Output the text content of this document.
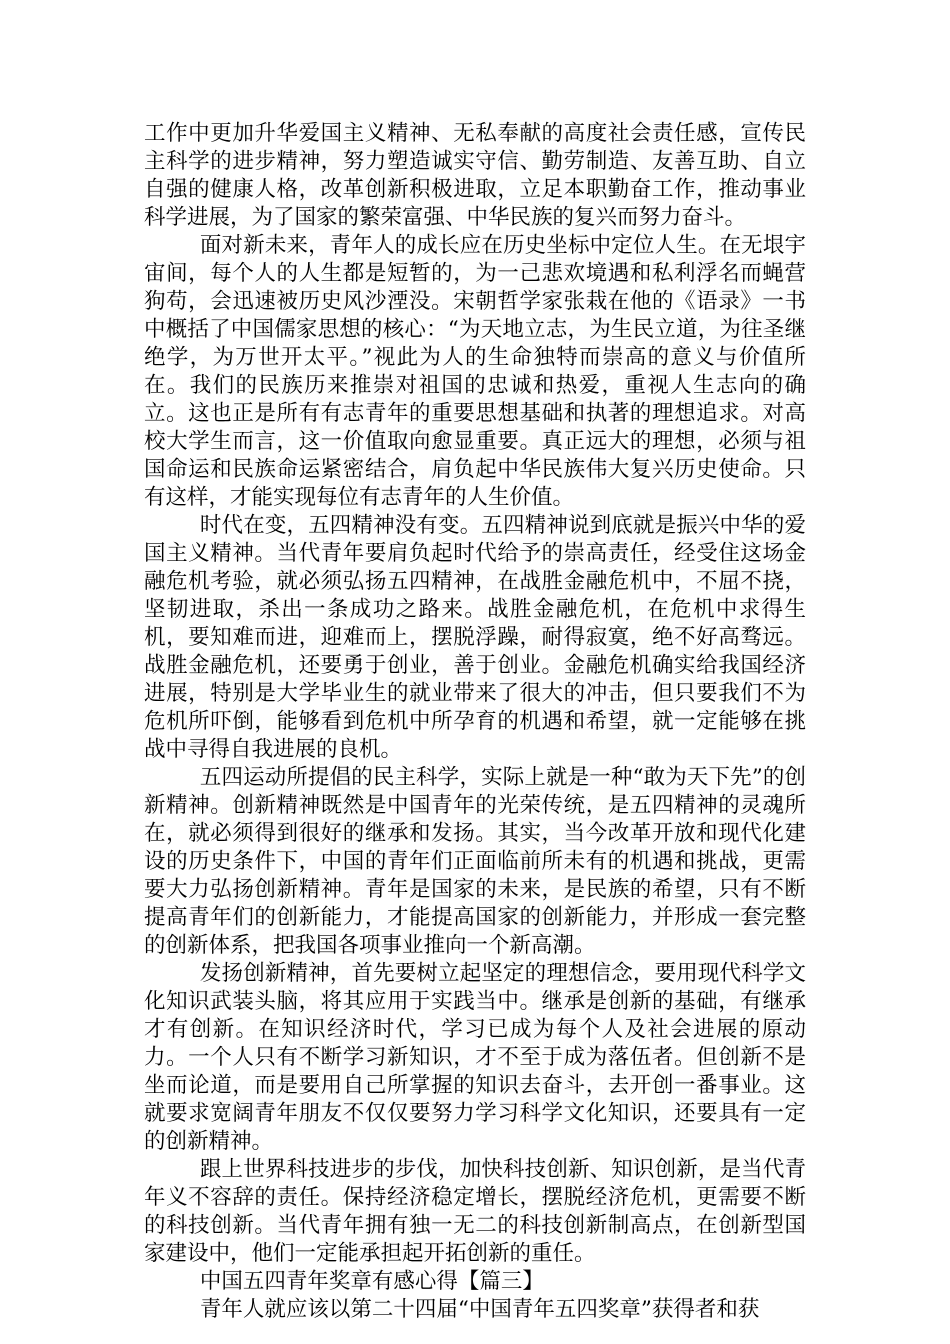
工作中更加升华爱国主义精神、无私奉献的高度社会责任感，宣传民主科学的进步精神，努力塑造诚实守信、勤劳制造、友善互助、自立自强的健康人格，改革创新积极进取，立足本职勤奋工作，推动事业科学进展，为了国家的繁荣富强、中华民族的复兴而努力奋斗。

面对新未来，青年人的成长应在历史坐标中定位人生。在无垠宇宙间，每个人的人生都是短暂的，为一己悲欢境遇和私利浮名而蝇营狗苟，会迅速被历史风沙湮没。宋朝哲学家张栽在他的《语录》一书中概括了中国儒家思想的核心：“为天地立志，为生民立道，为往圣继绝学，为万世开太平。”视此为人的生命独特而崇高的意义与价值所在。我们的民族历来推崇对祖国的忠诚和热爱，重视人生志向的确立。这也正是所有有志青年的重要思想基础和执著的理想追求。对高校大学生而言，这一价值取向愈显重要。真正远大的理想，必须与祖国命运和民族命运紧密结合，肩负起中华民族伟大复兴历史使命。只有这样，才能实现每位有志青年的人生价值。

时代在变，五四精神没有变。五四精神说到底就是振兴中华的爱国主义精神。当代青年要肩负起时代给予的崇高责任，经受住这场金融危机考验，就必须弘扬五四精神，在战胜金融危机中，不屈不挠，坚韧进取，杀出一条成功之路来。战胜金融危机，在危机中求得生机，要知难而进，迎难而上，摆脱浮躁，耐得寂寞，绝不好高骛远。战胜金融危机，还要勇于创业，善于创业。金融危机确实给我国经济进展，特别是大学毕业生的就业带来了很大的冲击，但只要我们不为危机所吓倒，能够看到危机中所孕育的机遇和希望，就一定能够在挑战中寻得自我进展的良机。

五四运动所提倡的民主科学，实际上就是一种“敢为天下先”的创新精神。创新精神既然是中国青年的光荣传统，是五四精神的灵魂所在，就必须得到很好的继承和发扬。其实，当今改革开放和现代化建设的历史条件下，中国的青年们正面临前所未有的机遇和挑战，更需要大力弘扬创新精神。青年是国家的未来，是民族的希望，只有不断提高青年们的创新能力，才能提高国家的创新能力，并形成一套完整的创新体系，把我国各项事业推向一个新高潮。

发扬创新精神，首先要树立起坚定的理想信念，要用现代科学文化知识武装头脑，将其应用于实践当中。继承是创新的基础，有继承才有创新。在知识经济时代，学习已成为每个人及社会进展的原动力。一个人只有不断学习新知识，才不至于成为落伍者。但创新不是坐而论道，而是要用自己所掌握的知识去奋斗，去开创一番事业。这就要求宽阔青年朋友不仅仅要努力学习科学文化知识，还要具有一定的创新精神。

跟上世界科技进步的步伐，加快科技创新、知识创新，是当代青年义不容辞的责任。保持经济稳定增长，摆脱经济危机，更需要不断的科技创新。当代青年拥有独一无二的科技创新制高点，在创新型国家建设中，他们一定能承担起开拓创新的重任。

中国五四青年奖章有感心得【篇三】

青年人就应该以第二十四届“中国青年五四奖章”获得者和获
